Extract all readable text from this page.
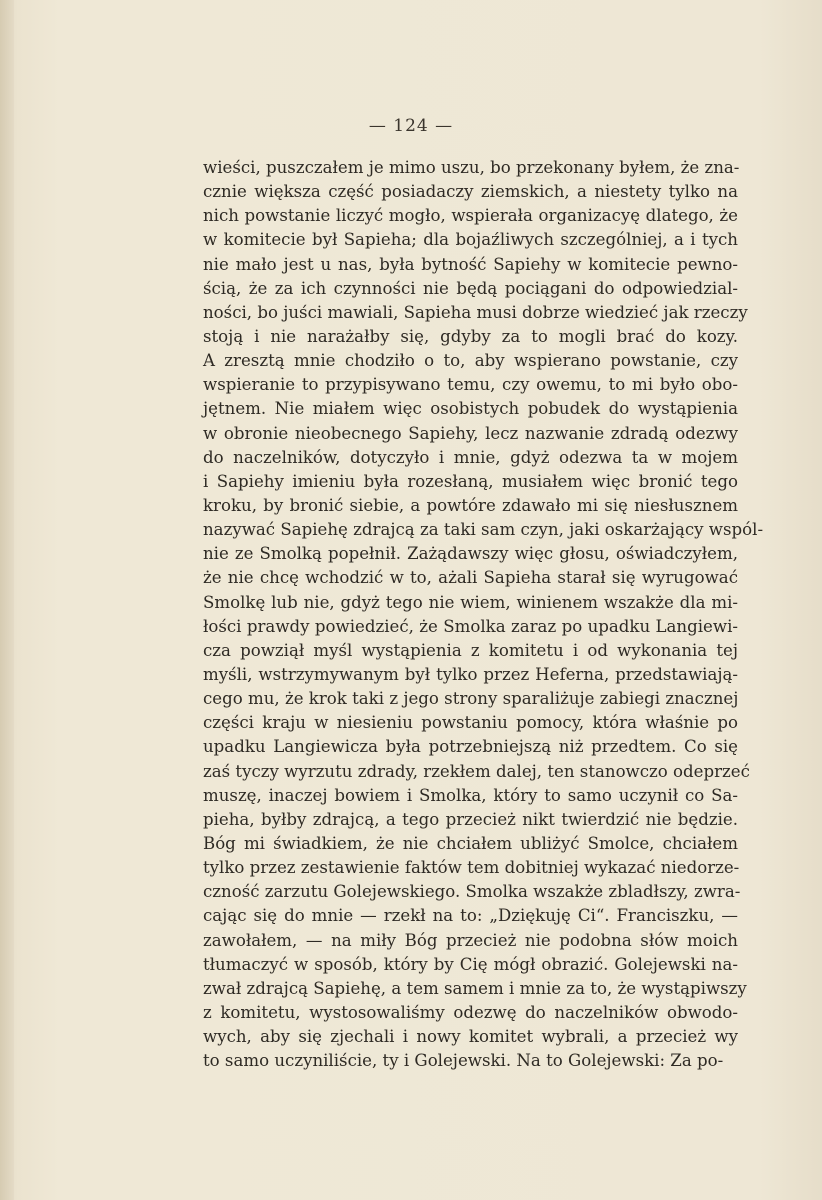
— 124 —
wieści, puszczałem je mimo uszu, bo przekonany byłem, że zna-
cznie większa część posiadaczy ziemskich, a niestety tylko na
nich powstanie liczyć mogło, wspierała organizacyę dlatego, że
w komitecie był Sapieha; dla bojaźliwych szczególniej, a i tych
nie mało jest u nas, była bytność Sapiehy w komitecie pewno-
ścią, że za ich czynności nie będą pociągani do odpowiedzial-
ności, bo juści mawiali, Sapieha musi dobrze wiedzieć jak rzeczy
stoją i nie narażałby się, gdyby za to mogli brać do kozy.
A zresztą mnie chodziło o to, aby wspierano powstanie, czy
wspieranie to przypisywano temu, czy owemu, to mi było obo-
jętnem. Nie miałem więc osobistych pobudek do wystąpienia
w obronie nieobecnego Sapiehy, lecz nazwanie zdradą odezwy
do naczelników, dotyczyło i mnie, gdyż odezwa ta w mojem
i Sapiehy imieniu była rozesłaną, musiałem więc bronić tego
kroku, by bronić siebie, a powtóre zdawało mi się niesłusznem
nazywać Sapiehę zdrajcą za taki sam czyn, jaki oskarżający wspól-
nie ze Smolką popełnił. Zażądawszy więc głosu, oświadczyłem,
że nie chcę wchodzić w to, ażali Sapieha starał się wyrugować
Smolkę lub nie, gdyż tego nie wiem, winienem wszakże dla mi-
łości prawdy powiedzieć, że Smolka zaraz po upadku Langiewi-
cza powziął myśl wystąpienia z komitetu i od wykonania tej
myśli, wstrzymywanym był tylko przez Heferna, przedstawiają-
cego mu, że krok taki z jego strony sparaliżuje zabiegi znacznej
części kraju w niesieniu powstaniu pomocy, która właśnie po
upadku Langiewicza była potrzebniejszą niż przedtem. Co się
zaś tyczy wyrzutu zdrady, rzekłem dalej, ten stanowczo odeprzeć
muszę, inaczej bowiem i Smolka, który to samo uczynił co Sa-
pieha, byłby zdrajcą, a tego przecież nikt twierdzić nie będzie.
Bóg mi świadkiem, że nie chciałem ubliżyć Smolce, chciałem
tylko przez zestawienie faktów tem dobitniej wykazać niedorze-
czność zarzutu Golejewskiego. Smolka wszakże zbladłszy, zwra-
cając się do mnie — rzekł na to: „Dziękuję Ci“. Franciszku, —
zawołałem, — na miły Bóg przecież nie podobna słów moich
tłumaczyć w sposób, który by Cię mógł obrazić. Golejewski na-
zwał zdrajcą Sapiehę, a tem samem i mnie za to, że wystąpiwszy
z komitetu, wystosowaliśmy odezwę do naczelników obwodo-
wych, aby się zjechali i nowy komitet wybrali, a przecież wy
to samo uczyniliście, ty i Golejewski. Na to Golejewski: Za po-
